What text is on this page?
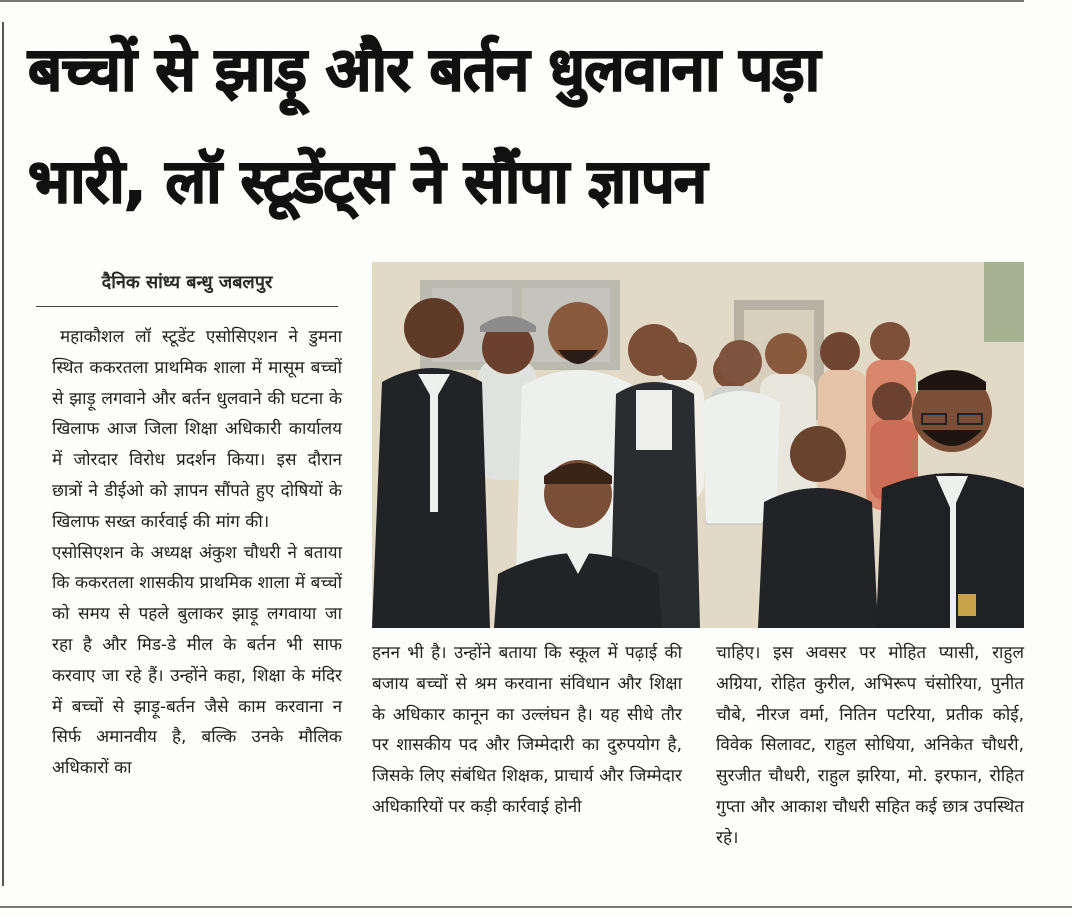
बच्चों से झाड़ू और बर्तन धुलवाना पड़ा
भारी, लॉ स्टूडेंट्स ने सौंपा ज्ञापन
दैनिक सांध्य बन्धु जबलपुर
महाकौशल लॉ स्टूडेंट एसोसिएशन ने डुमना स्थित ककरतला प्राथमिक शाला में मासूम बच्चों से झाड़ू लगवाने और बर्तन धुलवाने की घटना के खिलाफ आज जिला शिक्षा अधिकारी कार्यालय में जोरदार विरोध प्रदर्शन किया। इस दौरान छात्रों ने डीईओ को ज्ञापन सौंपते हुए दोषियों के खिलाफ सख्त कार्रवाई की मांग की।
एसोसिएशन के अध्यक्ष अंकुश चौधरी ने बताया कि ककरतला शासकीय प्राथमिक शाला में बच्चों को समय से पहले बुलाकर झाड़ू लगवाया जा रहा है और मिड-डे मील के बर्तन भी साफ करवाए जा रहे हैं। उन्होंने कहा, शिक्षा के मंदिर में बच्चों से झाड़ू-बर्तन जैसे काम करवाना न सिर्फ अमानवीय है, बल्कि उनके मौलिक अधिकारों का
हनन भी है। उन्होंने बताया कि स्कूल में पढ़ाई की बजाय बच्चों से श्रम करवाना संविधान और शिक्षा के अधिकार कानून का उल्लंघन है। यह सीधे तौर पर शासकीय पद और जिम्मेदारी का दुरुपयोग है, जिसके लिए संबंधित शिक्षक, प्राचार्य और जिम्मेदार अधिकारियों पर कड़ी कार्रवाई होनी
चाहिए। इस अवसर पर मोहित प्यासी, राहुल अग्रिया, रोहित कुरील, अभिरूप चंसोरिया, पुनीत चौबे, नीरज वर्मा, नितिन पटरिया, प्रतीक कोई, विवेक सिलावट, राहुल सोधिया, अनिकेत चौधरी, सुरजीत चौधरी, राहुल झरिया, मो. इरफान, रोहित गुप्ता और आकाश चौधरी सहित कई छात्र उपस्थित रहे।
